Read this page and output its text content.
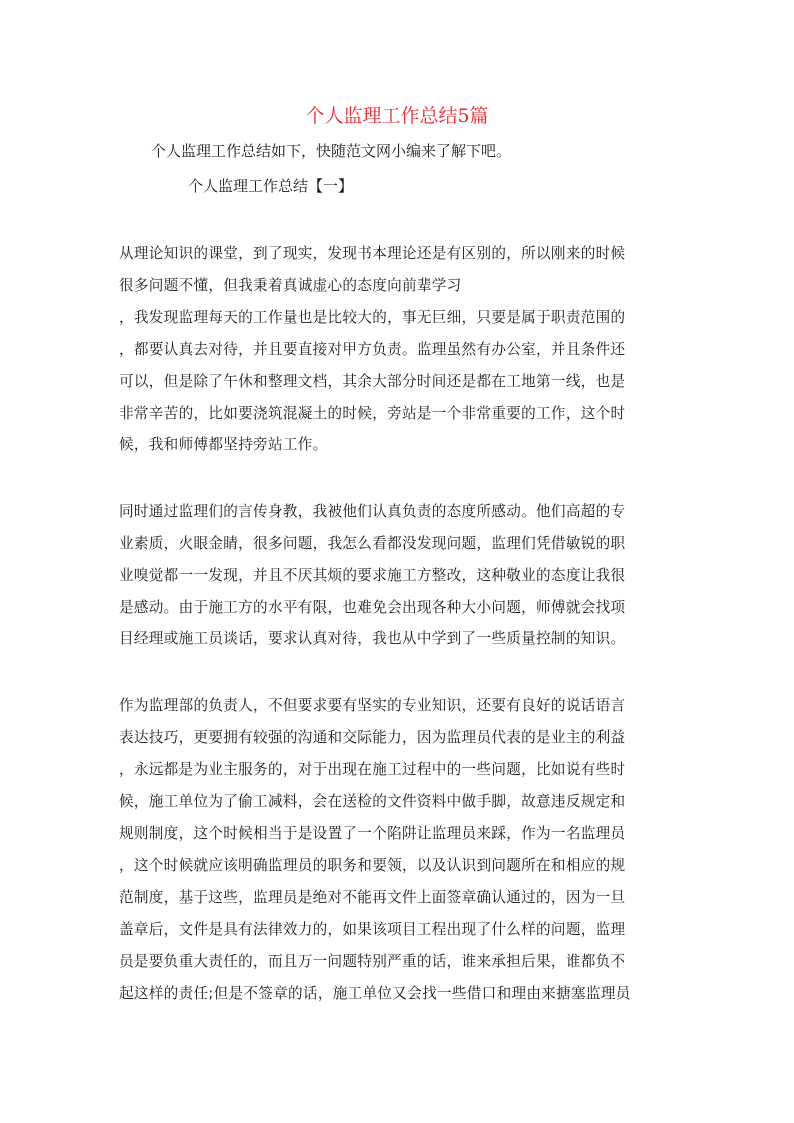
个人监理工作总结5篇
个人监理工作总结如下，快随范文网小编来了解下吧。
个人监理工作总结【一】
从理论知识的课堂，到了现实，发现书本理论还是有区别的，所以刚来的时候
很多问题不懂，但我秉着真诚虚心的态度向前辈学习
，我发现监理每天的工作量也是比较大的，事无巨细，只要是属于职责范围的
，都要认真去对待，并且要直接对甲方负责。监理虽然有办公室，并且条件还
可以，但是除了午休和整理文档，其余大部分时间还是都在工地第一线，也是
非常辛苦的，比如要浇筑混凝土的时候，旁站是一个非常重要的工作，这个时
候，我和师傅都坚持旁站工作。
同时通过监理们的言传身教，我被他们认真负责的态度所感动。他们高超的专
业素质，火眼金睛，很多问题，我怎么看都没发现问题，监理们凭借敏锐的职
业嗅觉都一一发现，并且不厌其烦的要求施工方整改，这种敬业的态度让我很
是感动。由于施工方的水平有限，也难免会出现各种大小问题，师傅就会找项
目经理或施工员谈话，要求认真对待，我也从中学到了一些质量控制的知识。
作为监理部的负责人，不但要求要有坚实的专业知识，还要有良好的说话语言
表达技巧，更要拥有较强的沟通和交际能力，因为监理员代表的是业主的利益
，永远都是为业主服务的，对于出现在施工过程中的一些问题，比如说有些时
候，施工单位为了偷工减料，会在送检的文件资料中做手脚，故意违反规定和
规则制度，这个时候相当于是设置了一个陷阱让监理员来踩，作为一名监理员
，这个时候就应该明确监理员的职务和要领，以及认识到问题所在和相应的规
范制度，基于这些，监理员是绝对不能再文件上面签章确认通过的，因为一旦
盖章后，文件是具有法律效力的，如果该项目工程出现了什么样的问题，监理
员是要负重大责任的，而且万一问题特别严重的话，谁来承担后果，谁都负不
起这样的责任;但是不签章的话，施工单位又会找一些借口和理由来搪塞监理员
